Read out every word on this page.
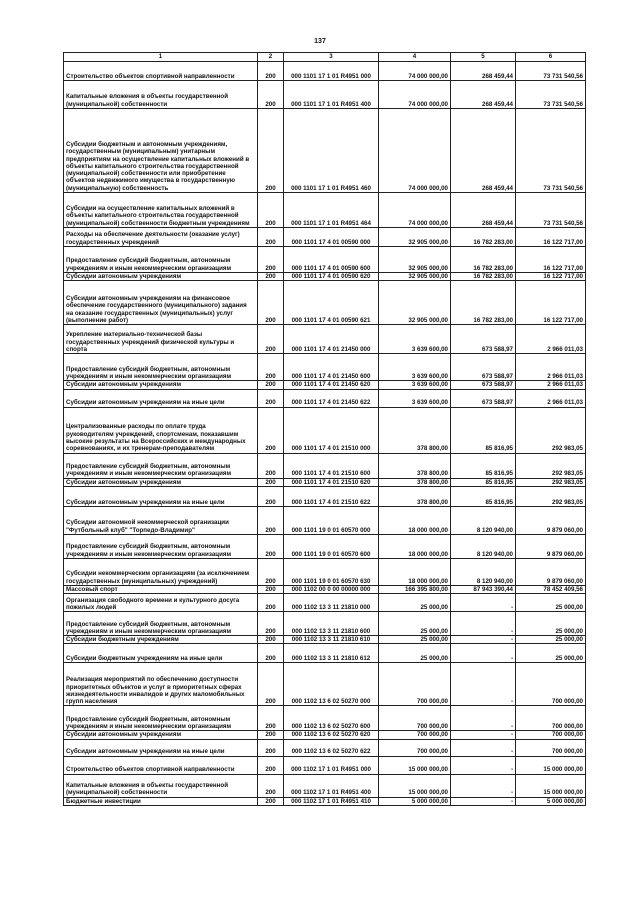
137
1	2	3	4	5	6
Строительство объектов спортивной направленности	200	000 1101 17 1 01 R4951 000	74 000 000,00	268 459,44	73 731 540,56
Капитальные вложения в объекты государственной (муниципальной) собственности	200	000 1101 17 1 01 R4951 400	74 000 000,00	268 459,44	73 731 540,56
Субсидии бюджетным и автономным учреждениям, государственным (муниципальным) унитарным предприятиям на осуществление капитальных вложений в объекты капитального строительства государственной (муниципальной) собственности или приобретение объектов недвижимого имущества в государственную (муниципальную) собственность	200	000 1101 17 1 01 R4951 460	74 000 000,00	268 459,44	73 731 540,56
Субсидии на осуществление капитальных вложений в объекты капитального строительства государственной (муниципальной) собственности бюджетным учреждениям	200	000 1101 17 1 01 R4951 464	74 000 000,00	268 459,44	73 731 540,56
Расходы на обеспечение деятельности (оказание услуг) государственных учреждений	200	000 1101 17 4 01 00590 000	32 905 000,00	16 782 283,00	16 122 717,00
Предоставление субсидий бюджетным, автономным учреждениям и иным некоммерческим организациям	200	000 1101 17 4 01 00590 600	32 905 000,00	16 782 283,00	16 122 717,00
Субсидии автономным учреждениям	200	000 1101 17 4 01 00590 620	32 905 000,00	16 782 283,00	16 122 717,00
Субсидии автономным учреждениям на финансовое обеспечение государственного (муниципального) задания на оказание государственных (муниципальных) услуг (выполнение работ)	200	000 1101 17 4 01 00590 621	32 905 000,00	16 782 283,00	16 122 717,00
Укрепление материально-технической базы государственных учреждений физической культуры и спорта	200	000 1101 17 4 01 21450 000	3 639 600,00	673 588,97	2 966 011,03
Предоставление субсидий бюджетным, автономным учреждениям и иным некоммерческим организациям	200	000 1101 17 4 01 21450 600	3 639 600,00	673 588,97	2 966 011,03
Субсидии автономным учреждениям	200	000 1101 17 4 01 21450 620	3 639 600,00	673 588,97	2 966 011,03
Субсидии автономным учреждениям на иные цели	200	000 1101 17 4 01 21450 622	3 639 600,00	673 588,97	2 966 011,03
Централизованные расходы по оплате труда руководителям учреждений, спортсменам, показавшим высокие результаты на Всероссийских и международных соревнованиях, и их тренерам-преподавателям	200	000 1101 17 4 01 21510 000	378 800,00	85 816,95	292 983,05
Предоставление субсидий бюджетным, автономным учреждениям и иным некоммерческим организациям	200	000 1101 17 4 01 21510 600	378 800,00	85 816,95	292 983,05
Субсидии автономным учреждениям	200	000 1101 17 4 01 21510 620	378 800,00	85 816,95	292 983,05
Субсидии автономным учреждениям на иные цели	200	000 1101 17 4 01 21510 622	378 800,00	85 816,95	292 983,05
Субсидии автономной некоммерческой организации "Футбольный клуб" "Торпедо-Владимир"	200	000 1101 19 0 01 60570 000	18 000 000,00	8 120 940,00	9 879 060,00
Предоставление субсидий бюджетным, автономным учреждениям и иным некоммерческим организациям	200	000 1101 19 0 01 60570 600	18 000 000,00	8 120 940,00	9 879 060,00
Субсидии некоммерческим организациям (за исключением государственных (муниципальных) учреждений)	200	000 1101 19 0 01 60570 630	18 000 000,00	8 120 940,00	9 879 060,00
Массовый спорт	200	000 1102 00 0 00 00000 000	166 395 800,00	87 943 390,44	78 452 409,56
Организация свободного времени и культурного досуга пожилых людей	200	000 1102 13 3 11 21810 000	25 000,00	-	25 000,00
Предоставление субсидий бюджетным, автономным учреждениям и иным некоммерческим организациям	200	000 1102 13 3 11 21810 600	25 000,00	-	25 000,00
Субсидии бюджетным учреждениям	200	000 1102 13 3 11 21810 610	25 000,00	-	25 000,00
Субсидии бюджетным учреждениям на иные цели	200	000 1102 13 3 11 21810 612	25 000,00	-	25 000,00
Реализация мероприятий по обеспечению доступности приоритетных объектов и услуг в приоритетных сферах жизнедеятельности инвалидов и других маломобильных групп населения	200	000 1102 13 6 02 50270 000	700 000,00	-	700 000,00
Предоставление субсидий бюджетным, автономным учреждениям и иным некоммерческим организациям	200	000 1102 13 6 02 50270 600	700 000,00	-	700 000,00
Субсидии автономным учреждениям	200	000 1102 13 6 02 50270 620	700 000,00	-	700 000,00
Субсидии автономным учреждениям на иные цели	200	000 1102 13 6 02 50270 622	700 000,00	-	700 000,00
Строительство объектов спортивной направленности	200	000 1102 17 1 01 R4951 000	15 000 000,00	-	15 000 000,00
Капитальные вложения в объекты государственной (муниципальной) собственности	200	000 1102 17 1 01 R4951 400	15 000 000,00	-	15 000 000,00
Бюджетные инвестиции	200	000 1102 17 1 01 R4951 410	5 000 000,00	-	5 000 000,00
